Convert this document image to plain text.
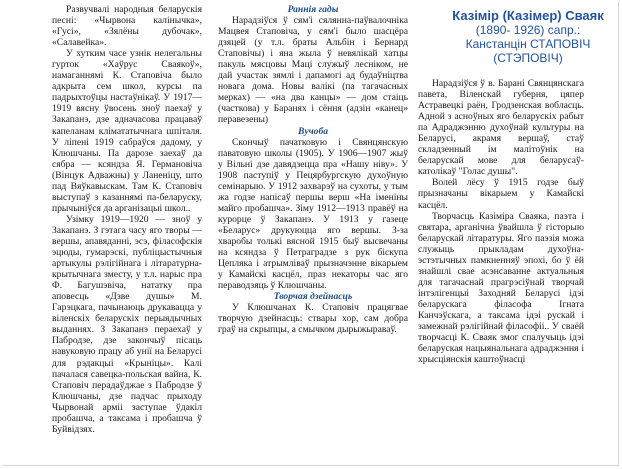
Развучвалі народныя беларускія песні: «Чырвона калінычка», «Гусі», «Зялёны дубочак», «Салавейка».

У хутким часе узнік нелегальны гурток «Хаўрус Сваякоў», намаганнямі К. Стаповіча было адкрыта сем школ, курсы па падрыхтоўцы настаўнікаў. У 1917—1919 вясну ўвосень зноў паехаў у Закапанэ, дзе адначасова працаваў капеланам клімататычнага шпіталя. У ліпені 1919 сабраўся дадому, у Клюшчаны. Па дарозе заехаў да сябра — ксяндза Я. Германовіча (Вінцук Адважны) у Ланеніцу, што пад Вяўкавыскам. Там К. Стаповіч выступаў з казаннямі па-беларуску, прычыніўся да арганізацыі школ..

Узімку 1919—1920 — зноў у Закапанэ. З гэтага часу яго творы — вершы, апавяданні, эсэ, філасофскія эцюды, гумарэскі, публіцыстычныя артыкулы рэлігійнага і літаратурна-крытычнага зместу, у т.л. нарыс пра Ф. Багушэвіча, нататку пра аповесць «Дзве душы» М. Гарэцкага, пачынаюць друкавацца у віленскіх беларускіх перыядычных выданнях. З Закапанэ пераехаў у Пабродзе, дзе закончыў пісаць навуковую працу аб унії на Беларусі для рэдакцыі «Крыніцы». Калі пачалася савецка-польская вайна, К. Стаповіч перадаўджае з Пабродзе ў Клюшчаны, дзе падчас прыходу Чырвонай арміі заступае ўдакіл пробашча, а таксама і пробашча ў Буйвідзях.

Раннія гады

Нарадзіўся ў сям'і сялянна-паўвалочніка Мацвея Стаповіча, у сям'і было шасцёра дзяцей (у т.л. браты Альбін і Бернард Стаповічы) і яна жыла ў невялікай хатцы пакуль мясцовы Маці служыў лесніком, не дай участак зямлі і дапамогі ад будаўніцтва новага дома. Новы валікі (па тагачасных мерках) — «на два канцы» — дом стаіць (часткова) у Баранях і сёння (адзін «канец» перавезены)

Вучоба

Скончыў пачатковую і Свянцянскую паватовую школы (1905). У 1906—1907 жыў у Вільні дзе давядзецца пра «Нашу ніву». У 1908 паступіў у Пецярбургскую духоўную семінарыю. У 1912 захварэў на сухоты, у тым жа годзе напісаў першы верш «На іменіны майго пробашча». Зіму 1912—1913 правёў на курорце ў Закапанэ. У 1913 у газеце «Беларус» друкуюцца яго вершы. З-за хваробы толькі вясной 1915 быў высвечаны на ксяндза ў Петраградзе з рук біскупа Цепляка і атрымліваў прызначэнне вікарыем у Камайскі касцёл, праз некаторы час яго пераводзяць ў Клюшчаны.

Творчая дзейнасць

У Клюшчанах К. Стаповіч працягвае творчую дзейнасць: ствары хор, сам добра граў на скрыпцы, а смычком дырыжыраваў.

Казімір (Казімер) Сваяк
(1890- 1926) сапр.:
Канстанцін СТАПОВІЧ
(СТЭПОВІЧ)

Нарадзіўся ў в. Барані Свянцянскага павета, Віленскай губерня, цяпер Астравецкі раён, Гродзенская вобласць. Адной з асноўных яго беларускіх рабыт па Адраджэнню духоўнай культуры на Беларусі, акрамя вершаў, стаў складзенный ім малітоўнік на беларускай мове для беларусаў-католікаў "Голас душы".

Волей лёсу ў 1915 годзе быў прызначаны вікарыем у Камайскі касцёл.

Творчасць Казіміра Сваяка, паэта і святара, арганічна ўвайшла ў гісторыю беларускай літаратуры. Яго паэзія можа служыць прыкладам духоўна-эстэтычных памкненняў эпохі, бо ў ёй знайшлі свае асэнсаванне актуальныя для тагачаснай прагрэсіўнай творчай інтэлігенцыі Заходняй Беларусі ідэі беларускага філасофа Ігната Канчэўскага, а таксама ідэі рускай і замежнай рэлігійнай філасофіі.. У сваёй творчасці К. Сваяк змог спалучыць ідэі беларуская нацыянальнага адраджэння і хрысціянскія каштоўнасці
